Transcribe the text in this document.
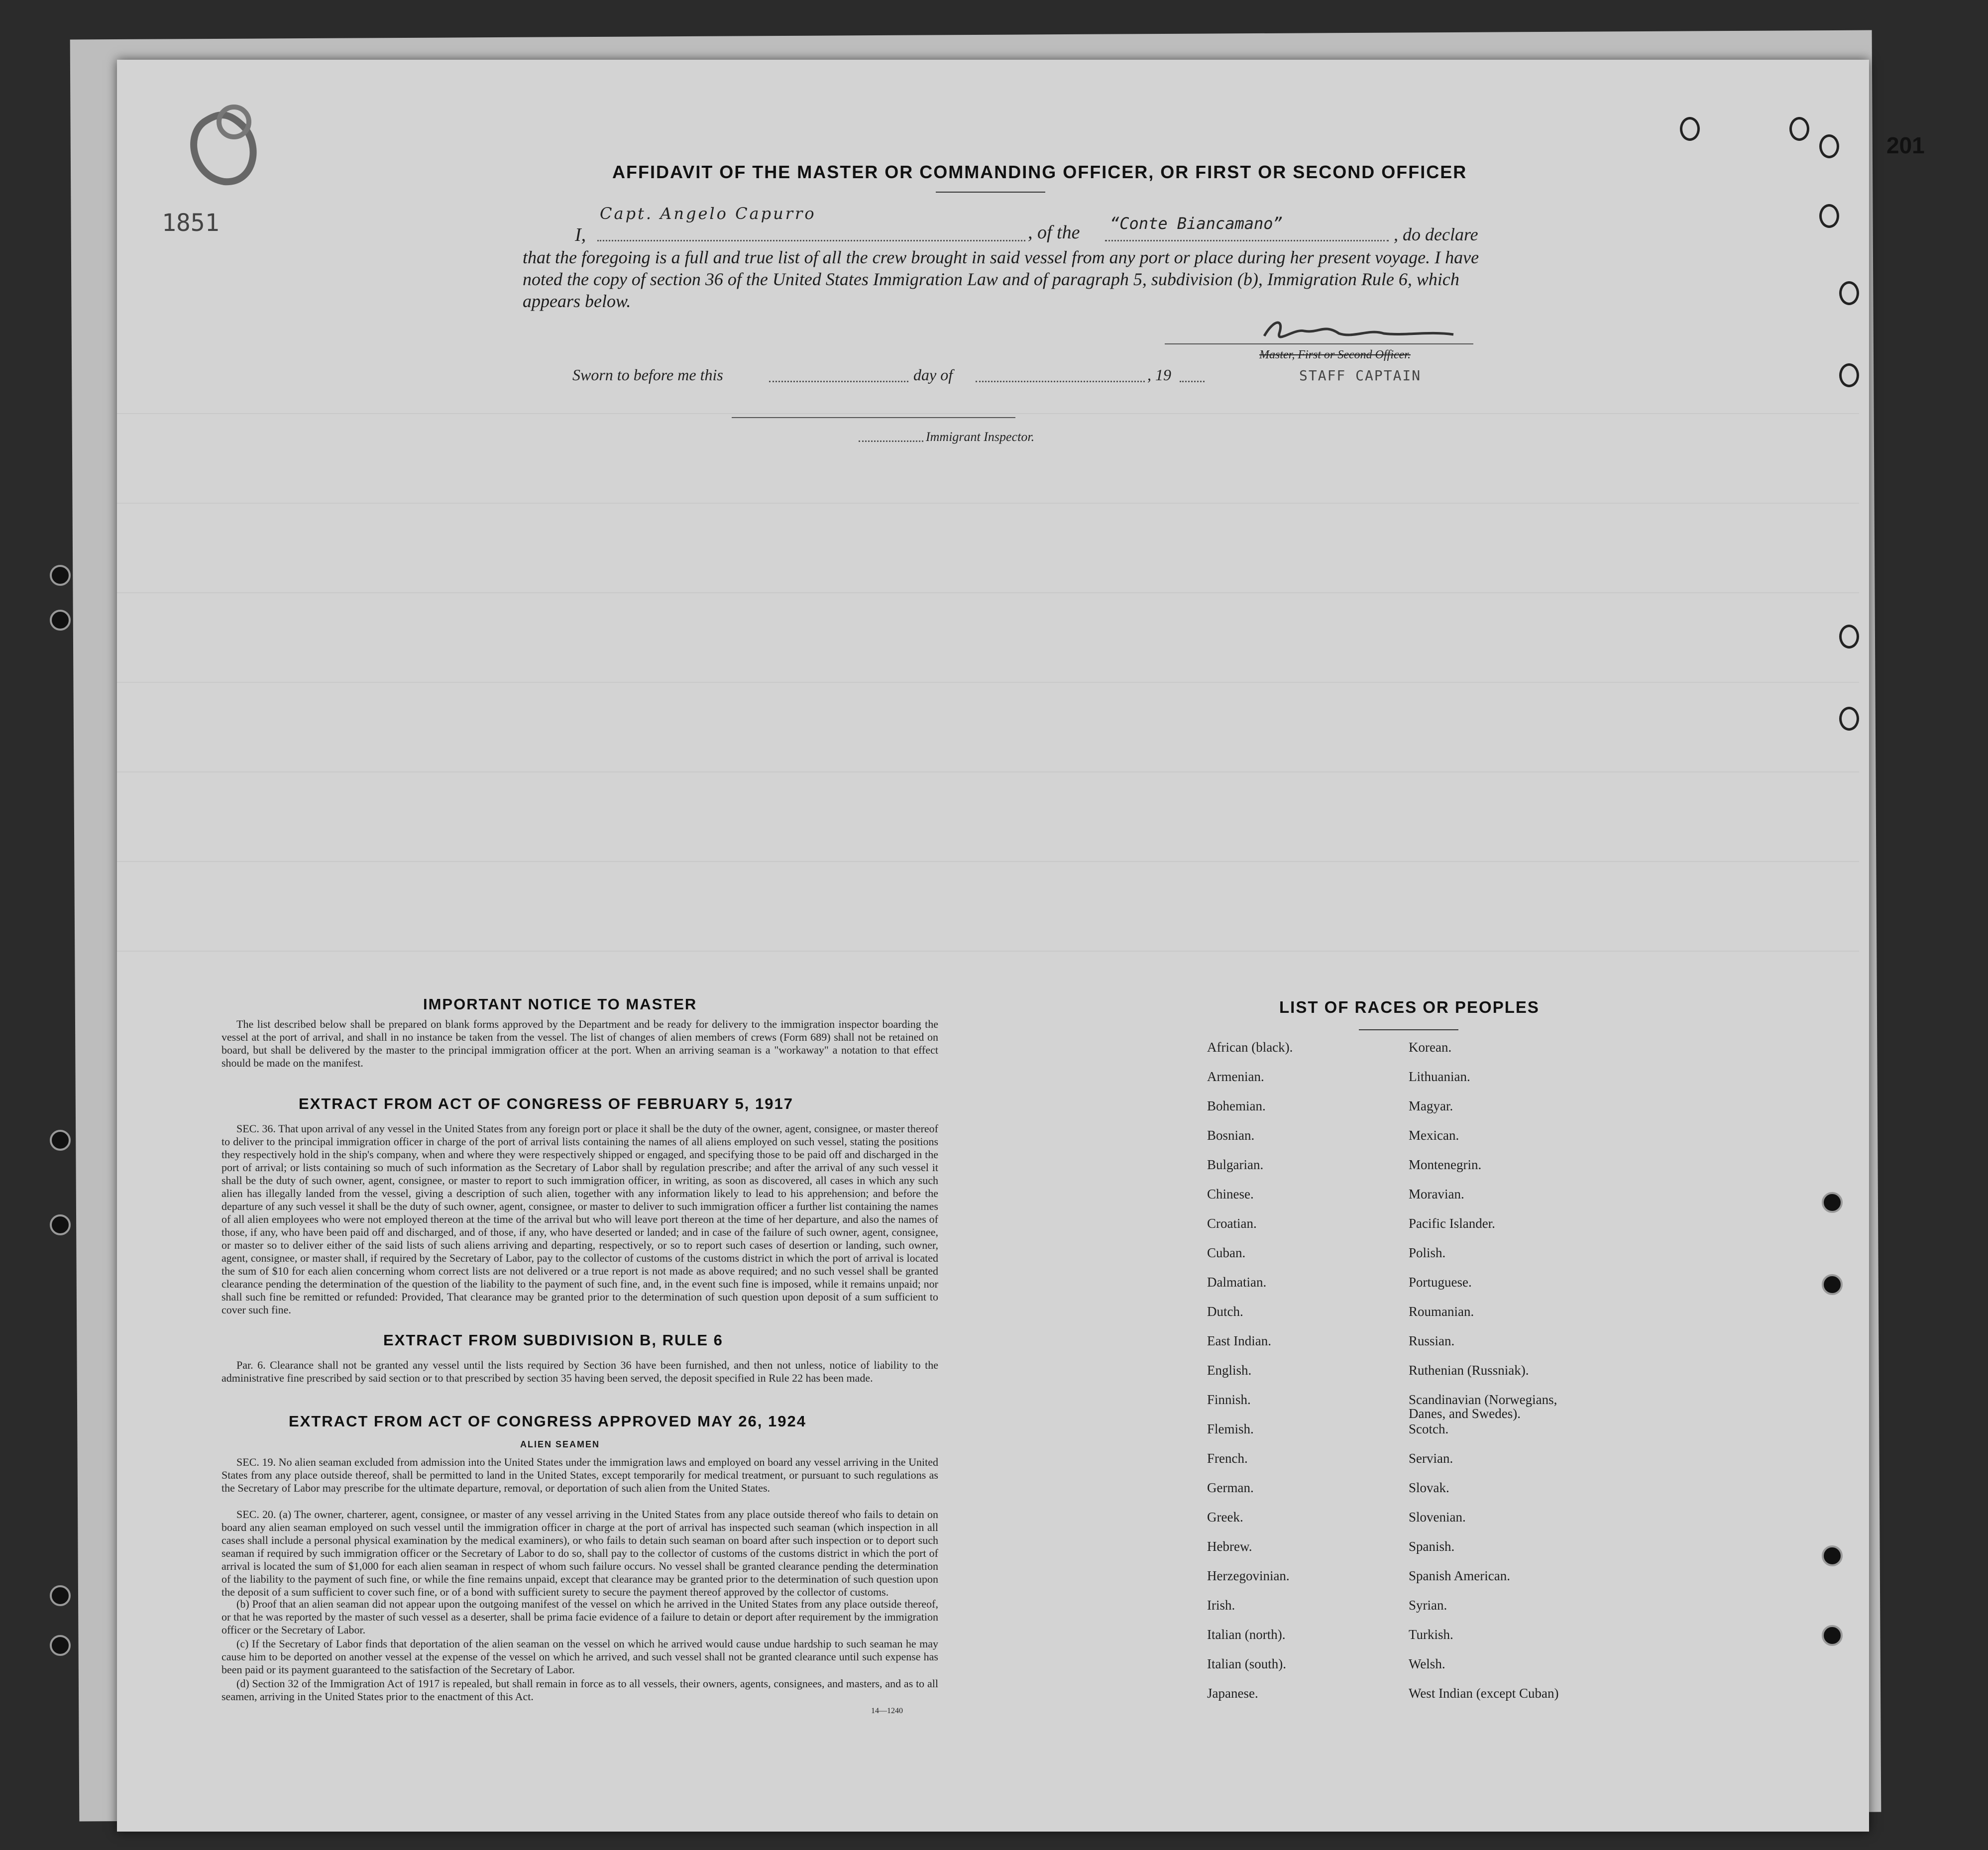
1851
201
AFFIDAVIT OF THE MASTER OR COMMANDING OFFICER, OR FIRST OR SECOND OFFICER
I,
Capt. Angelo Capurro
, of the “Conte Biancamano”
, do declare
that the foregoing is a full and true list of all the crew brought in said vessel from any port or place during her present voyage. I have noted the copy of section 36 of the United States Immigration Law and of paragraph 5, subdivision (b), Immigration Rule 6, which appears below.
Master, First or Second Officer.
STAFF CAPTAIN
Sworn to before me this	day of	, 19
Immigrant Inspector.
IMPORTANT NOTICE TO MASTER
The list described below shall be prepared on blank forms approved by the Department and be ready for delivery to the immigration inspector boarding the vessel at the port of arrival, and shall in no instance be taken from the vessel. The list of changes of alien members of crews (Form 689) shall not be retained on board, but shall be delivered by the master to the principal immigration officer at the port. When an arriving seaman is a "workaway" a notation to that effect should be made on the manifest.
EXTRACT FROM ACT OF CONGRESS OF FEBRUARY 5, 1917
SEC. 36. That upon arrival of any vessel in the United States from any foreign port or place it shall be the duty of the owner, agent, consignee, or master thereof to deliver to the principal immigration officer in charge of the port of arrival lists containing the names of all aliens employed on such vessel, stating the positions they respectively hold in the ship's company, when and where they were respectively shipped or engaged, and specifying those to be paid off and discharged in the port of arrival; or lists containing so much of such information as the Secretary of Labor shall by regulation prescribe; and after the arrival of any such vessel it shall be the duty of such owner, agent, consignee, or master to report to such immigration officer, in writing, as soon as discovered, all cases in which any such alien has illegally landed from the vessel, giving a description of such alien, together with any information likely to lead to his apprehension; and before the departure of any such vessel it shall be the duty of such owner, agent, consignee, or master to deliver to such immigration officer a further list containing the names of all alien employees who were not employed thereon at the time of the arrival but who will leave port thereon at the time of her departure, and also the names of those, if any, who have been paid off and discharged, and of those, if any, who have deserted or landed; and in case of the failure of such owner, agent, consignee, or master so to deliver either of the said lists of such aliens arriving and departing, respectively, or so to report such cases of desertion or landing, such owner, agent, consignee, or master shall, if required by the Secretary of Labor, pay to the collector of customs of the customs district in which the port of arrival is located the sum of $10 for each alien concerning whom correct lists are not delivered or a true report is not made as above required; and no such vessel shall be granted clearance pending the determination of the question of the liability to the payment of such fine, and, in the event such fine is imposed, while it remains unpaid; nor shall such fine be remitted or refunded: Provided, That clearance may be granted prior to the determination of such question upon deposit of a sum sufficient to cover such fine.
EXTRACT FROM SUBDIVISION B, RULE 6
Par. 6. Clearance shall not be granted any vessel until the lists required by Section 36 have been furnished, and then not unless, notice of liability to the administrative fine prescribed by said section or to that prescribed by section 35 having been served, the deposit specified in Rule 22 has been made.
EXTRACT FROM ACT OF CONGRESS APPROVED MAY 26, 1924
ALIEN SEAMEN
SEC. 19. No alien seaman excluded from admission into the United States under the immigration laws and employed on board any vessel arriving in the United States from any place outside thereof, shall be permitted to land in the United States, except temporarily for medical treatment, or pursuant to such regulations as the Secretary of Labor may prescribe for the ultimate departure, removal, or deportation of such alien from the United States.
SEC. 20. (a) The owner, charterer, agent, consignee, or master of any vessel arriving in the United States from any place outside thereof who fails to detain on board any alien seaman employed on such vessel until the immigration officer in charge at the port of arrival has inspected such seaman (which inspection in all cases shall include a personal physical examination by the medical examiners), or who fails to detain such seaman on board after such inspection or to deport such seaman if required by such immigration officer or the Secretary of Labor to do so, shall pay to the collector of customs of the customs district in which the port of arrival is located the sum of $1,000 for each alien seaman in respect of whom such failure occurs. No vessel shall be granted clearance pending the determination of the liability to the payment of such fine, or while the fine remains unpaid, except that clearance may be granted prior to the determination of such question upon the deposit of a sum sufficient to cover such fine, or of a bond with sufficient surety to secure the payment thereof approved by the collector of customs.
(b) Proof that an alien seaman did not appear upon the outgoing manifest of the vessel on which he arrived in the United States from any place outside thereof, or that he was reported by the master of such vessel as a deserter, shall be prima facie evidence of a failure to detain or deport after requirement by the immigration officer or the Secretary of Labor.
(c) If the Secretary of Labor finds that deportation of the alien seaman on the vessel on which he arrived would cause undue hardship to such seaman he may cause him to be deported on another vessel at the expense of the vessel on which he arrived, and such vessel shall not be granted clearance until such expense has been paid or its payment guaranteed to the satisfaction of the Secretary of Labor.
(d) Section 32 of the Immigration Act of 1917 is repealed, but shall remain in force as to all vessels, their owners, agents, consignees, and masters, and as to all seamen, arriving in the United States prior to the enactment of this Act.
14—1240
LIST OF RACES OR PEOPLES
African (black).
Armenian.
Bohemian.
Bosnian.
Bulgarian.
Chinese.
Croatian.
Cuban.
Dalmatian.
Dutch.
East Indian.
English.
Finnish.
Flemish.
French.
German.
Greek.
Hebrew.
Herzegovinian.
Irish.
Italian (north).
Italian (south).
Japanese.
Korean.
Lithuanian.
Magyar.
Mexican.
Montenegrin.
Moravian.
Pacific Islander.
Polish.
Portuguese.
Roumanian.
Russian.
Ruthenian (Russniak).
Scandinavian (Norwegians,
Danes, and Swedes).
Scotch.
Servian.
Slovak.
Slovenian.
Spanish.
Spanish American.
Syrian.
Turkish.
Welsh.
West Indian (except Cuban)
